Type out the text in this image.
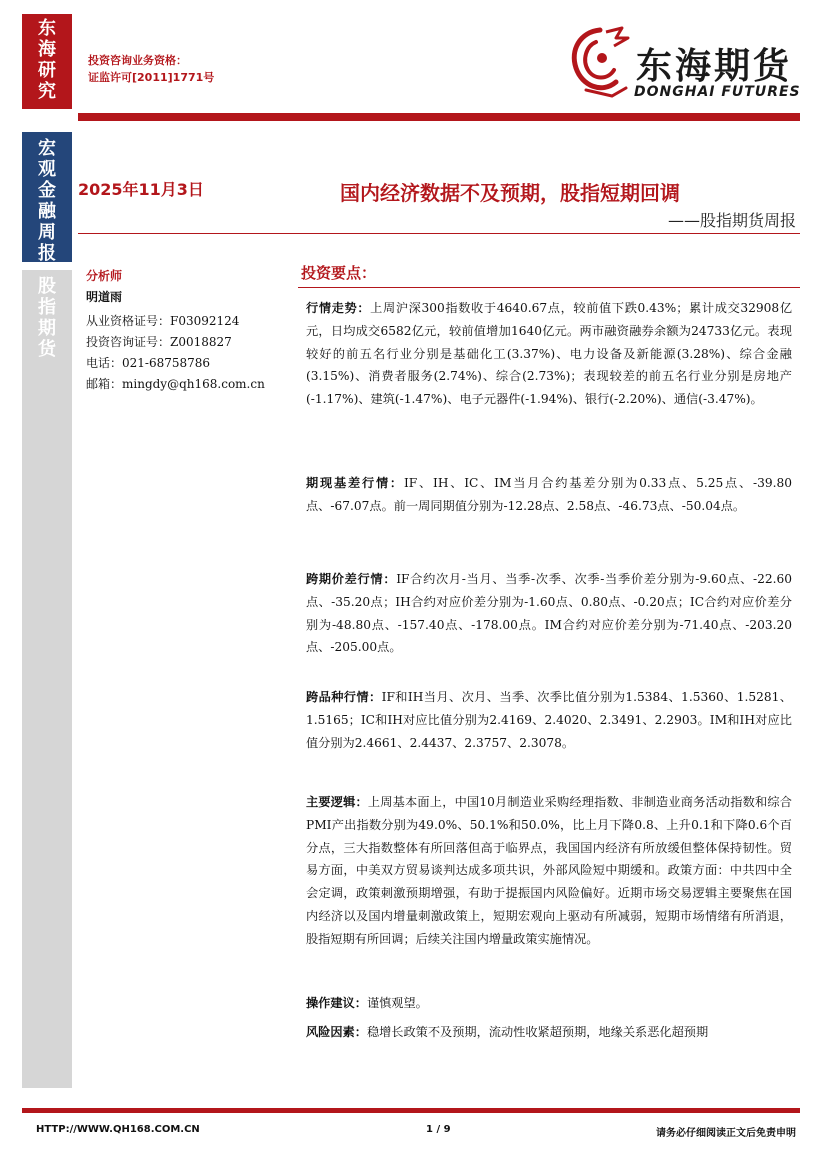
东
海
研
究
宏
观
金
融
周
报
股
指
期
货
投资咨询业务资格：
证监许可[2011]1771号	东海期货
DONGHAI FUTURES
2025年11月3日	国内经济数据不及预期，股指短期回调
——股指期货周报
分析师
明道雨
从业资格证号：F03092124
投资咨询证号：Z0018827
电话：021-68758786
邮箱：mingdy@qh168.com.cn
投资要点：
行情走势：上周沪深300指数收于4640.67点，较前值下跌0.43%；累计成交32908亿元，日均成交6582亿元，较前值增加1640亿元。两市融资融券余额为24733亿元。表现较好的前五名行业分别是基础化工(3.37%)、电力设备及新能源(3.28%)、综合金融(3.15%)、消费者服务(2.74%)、综合(2.73%)；表现较差的前五名行业分别是房地产(-1.17%)、建筑(-1.47%)、电子元器件(-1.94%)、银行(-2.20%)、通信(-3.47%)。
期现基差行情：IF、IH、IC、IM当月合约基差分别为0.33点、5.25点、-39.80点、-67.07点。前一周同期值分别为-12.28点、2.58点、-46.73点、-50.04点。
跨期价差行情：IF合约次月-当月、当季-次季、次季-当季价差分别为-9.60点、-22.60点、-35.20点；IH合约对应价差分别为-1.60点、0.80点、-0.20点；IC合约对应价差分别为-48.80点、-157.40点、-178.00点。IM合约对应价差分别为-71.40点、-203.20点、-205.00点。
跨品种行情：IF和IH当月、次月、当季、次季比值分别为1.5384、1.5360、1.5281、1.5165；IC和IH对应比值分别为2.4169、2.4020、2.3491、2.2903。IM和IH对应比值分别为2.4661、2.4437、2.3757、2.3078。
主要逻辑：上周基本面上，中国10月制造业采购经理指数、非制造业商务活动指数和综合PMI产出指数分别为49.0%、50.1%和50.0%，比上月下降0.8、上升0.1和下降0.6个百分点，三大指数整体有所回落但高于临界点，我国国内经济有所放缓但整体保持韧性。贸易方面，中美双方贸易谈判达成多项共识，外部风险短中期缓和。政策方面：中共四中全会定调，政策刺激预期增强，有助于提振国内风险偏好。近期市场交易逻辑主要聚焦在国内经济以及国内增量刺激政策上，短期宏观向上驱动有所减弱，短期市场情绪有所消退，股指短期有所回调；后续关注国内增量政策实施情况。
操作建议：谨慎观望。
风险因素：稳增长政策不及预期，流动性收紧超预期，地缘关系恶化超预期
HTTP://WWW.QH168.COM.CN	1 / 9	请务必仔细阅读正文后免责申明
